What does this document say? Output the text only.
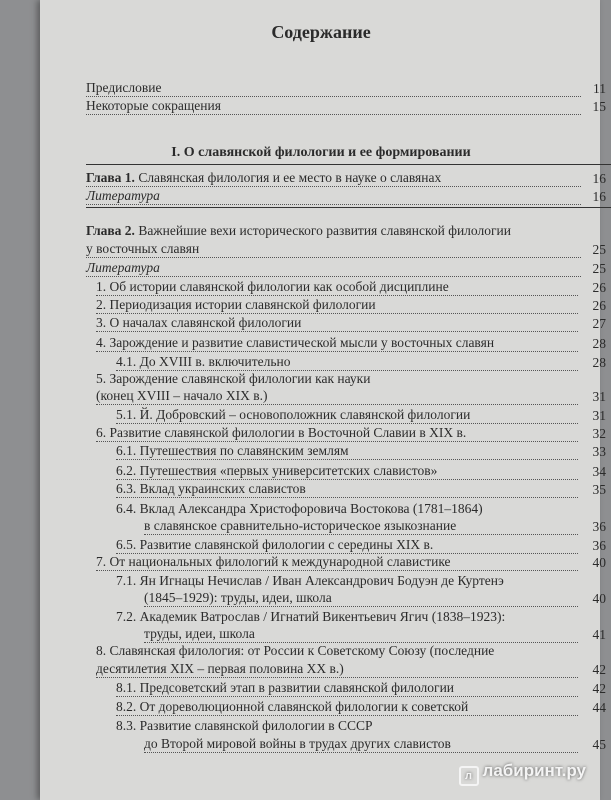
Содержание
Предисловие	11
Некоторые сокращения	15
I. О славянской филологии и ее формировании
Глава 1. Славянская филология и ее место в науке о славянах	16
Литература	16
Глава 2. Важнейшие вехи исторического развития славянской филологии
у восточных славян	25
Литература	25
1. Об истории славянской филологии как особой дисциплине	26
2. Периодизация истории славянской филологии	26
3. О началах славянской филологии	27
4. Зарождение и развитие славистической мысли у восточных славян	28
4.1. До XVIII в. включительно	28
5. Зарождение славянской филологии как науки
(конец XVIII – начало XIX в.)	31
5.1. Й. Добровский – основоположник славянской филологии	31
6. Развитие славянской филологии в Восточной Славии в XIX в.	32
6.1. Путешествия по славянским землям	33
6.2. Путешествия «первых университетских славистов»	34
6.3. Вклад украинских славистов	35
6.4. Вклад Александра Христофоровича Востокова (1781–1864)
в славянское сравнительно-историческое языкознание	36
6.5. Развитие славянской филологии с середины XIX в.	36
7. От национальных филологий к международной славистике	40
7.1. Ян Игнацы Нечислав / Иван Александрович Бодуэн де Куртенэ
(1845–1929): труды, идеи, школа	40
7.2. Академик Ватрослав / Игнатий Викентьевич Ягич (1838–1923):
труды, идеи, школа	41
8. Славянская филология: от России к Советскому Союзу (последние
десятилетия XIX – первая половина XX в.)	42
8.1. Предсоветский этап в развитии славянской филологии	42
8.2. От дореволюционной славянской филологии к советской	44
8.3. Развитие славянской филологии в СССР
до Второй мировой войны в трудах других славистов	45
л лабиринт.ру
